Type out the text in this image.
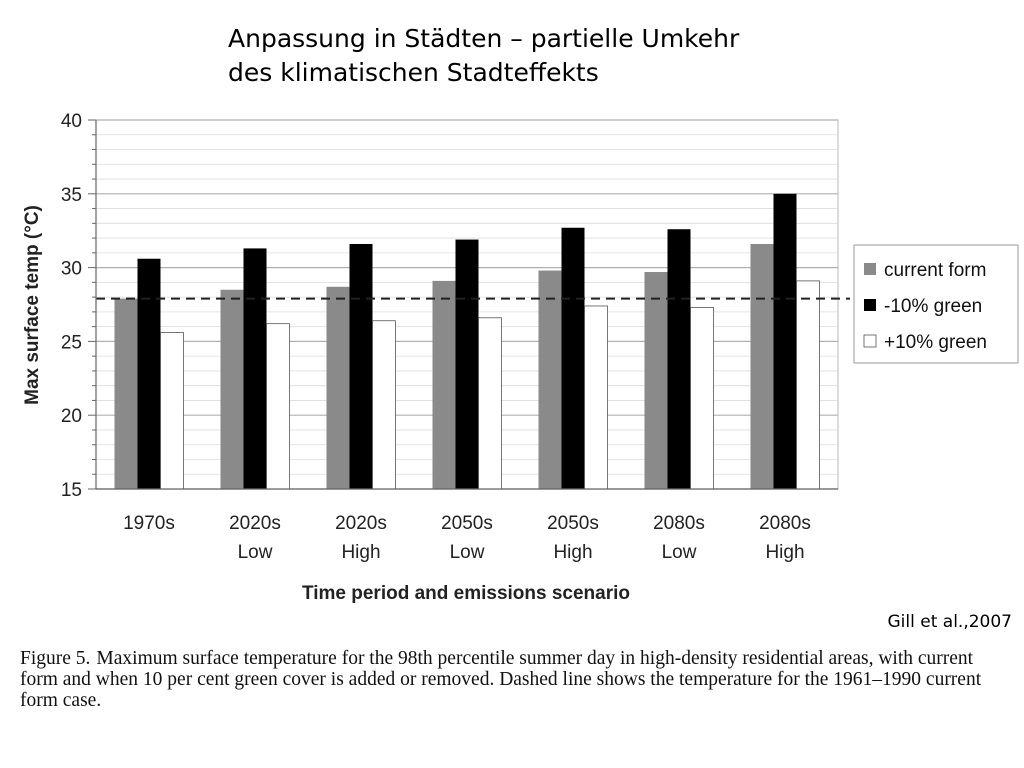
Anpassung in Städten – partielle Umkehr
des klimatischen Stadteffekts
15
20
25
30
35
40
1970s	2020s
Low
2020s
High
2050s
Low
2050s
High
2080s
Low
2080s
High
current form
-10% green
+10% green
Max surface temp (°C)
Time period and emissions scenario
Gill et al.,2007
Figure 5. Maximum surface temperature for the 98th percentile summer day in high-density residential areas, with current form and when 10 per cent green cover is added or removed. Dashed line shows the temperature for the 1961–1990 current form case.
